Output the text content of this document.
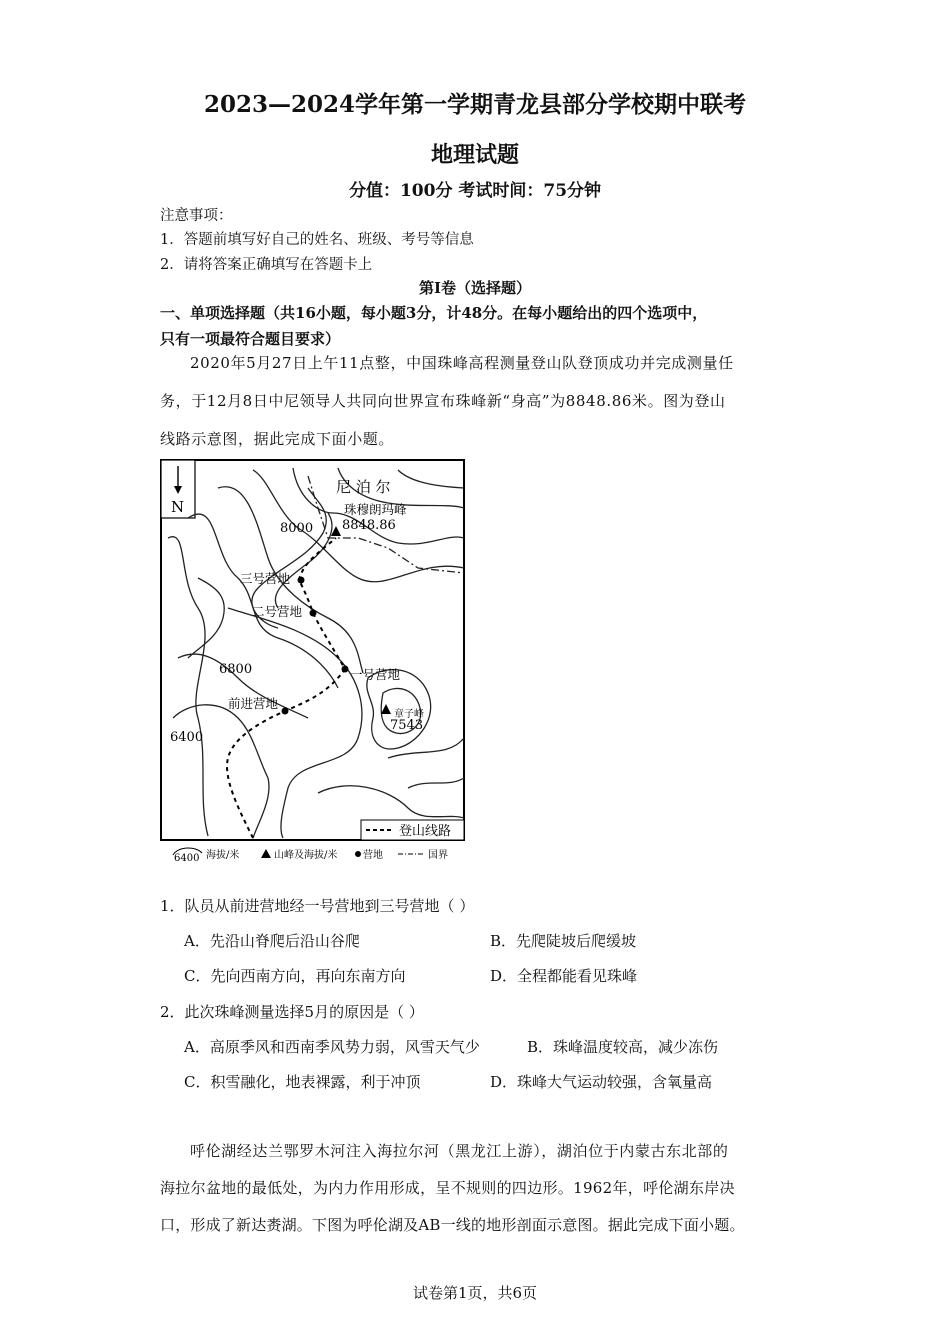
2023—2024学年第一学期青龙县部分学校期中联考
地理试题
分值：100分 考试时间：75分钟
注意事项：
1．答题前填写好自己的姓名、班级、考号等信息
2．请将答案正确填写在答题卡上
第Ⅰ卷（选择题）
一、单项选择题（共16小题，每小题3分，计48分。在每小题给出的四个选项中，
只有一项最符合题目要求）
2020年5月27日上午11点整，中国珠峰高程测量登山队登顶成功并完成测量任
务，于12月8日中尼领导人共同向世界宣布珠峰新“身高”为8848.86米。图为登山
线路示意图，据此完成下面小题。
N
尼 泊 尔
珠穆朗玛峰
8848.86
8000
三号营地
二号营地
6800	一号营地
前进营地
章子峰
7543
6400
登山线路
6400 海拔/米	山峰及海拔/米	营地	国界
1．队员从前进营地经一号营地到三号营地（ ）
A．先沿山脊爬后沿山谷爬	B．先爬陡坡后爬缓坡
C．先向西南方向，再向东南方向	D．全程都能看见珠峰
2．此次珠峰测量选择5月的原因是（ ）
A．高原季风和西南季风势力弱，风雪天气少	B．珠峰温度较高，减少冻伤
C．积雪融化，地表裸露，利于冲顶	D．珠峰大气运动较强，含氧量高
呼伦湖经达兰鄂罗木河注入海拉尔河（黑龙江上游），湖泊位于内蒙古东北部的
海拉尔盆地的最低处，为内力作用形成，呈不规则的四边形。1962年，呼伦湖东岸决
口，形成了新达赉湖。下图为呼伦湖及AB一线的地形剖面示意图。据此完成下面小题。
试卷第1页，共6页
